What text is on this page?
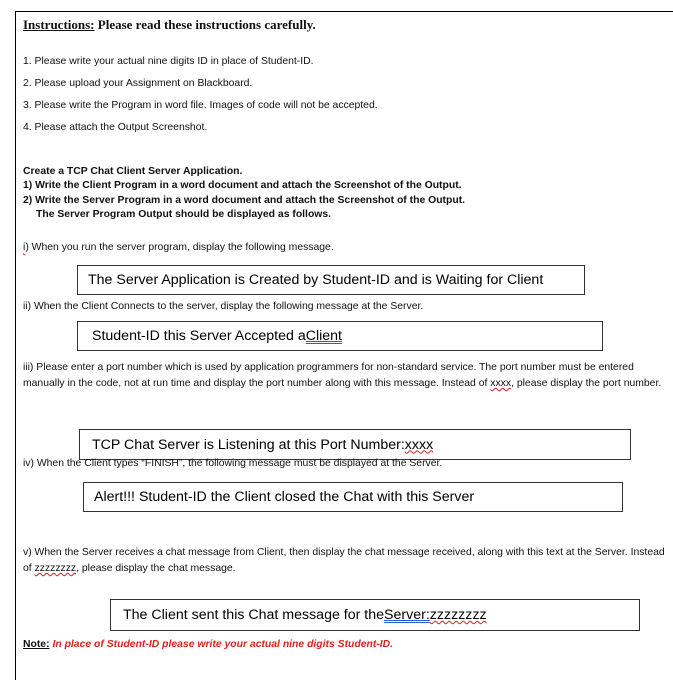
Instructions: Please read these instructions carefully.
1. Please write your actual nine digits ID in place of Student-ID.
2. Please upload your Assignment on Blackboard.
3. Please write the Program in word file. Images of code will not be accepted.
4. Please attach the Output Screenshot.
Create a TCP Chat Client Server Application.
1) Write the Client Program in a word document and attach the Screenshot of the Output.
2) Write the Server Program in a word document and attach the Screenshot of the Output.
The Server Program Output should be displayed as follows.
i) When you run the server program, display the following message.
The Server Application is Created by Student-ID and is Waiting for Client
ii) When the Client Connects to the server, display the following message at the Server.
Student-ID this Server Accepted a Client
iii) Please enter a port number which is used by application programmers for non-standard service. The port number must be entered manually in the code, not at run time and display the port number along with this message. Instead of xxxx, please display the port number.
TCP Chat Server is Listening at this Port Number: xxxx
iv) When the Client types “FINISH”, the following message must be displayed at the Server.
Alert!!! Student-ID the Client closed the Chat with this Server
v) When the Server receives a chat message from Client, then display the chat message received, along with this text at the Server. Instead of zzzzzzzz, please display the chat message.
The Client sent this Chat message for the Server : zzzzzzzz
Note: In place of Student-ID please write your actual nine digits Student-ID.
